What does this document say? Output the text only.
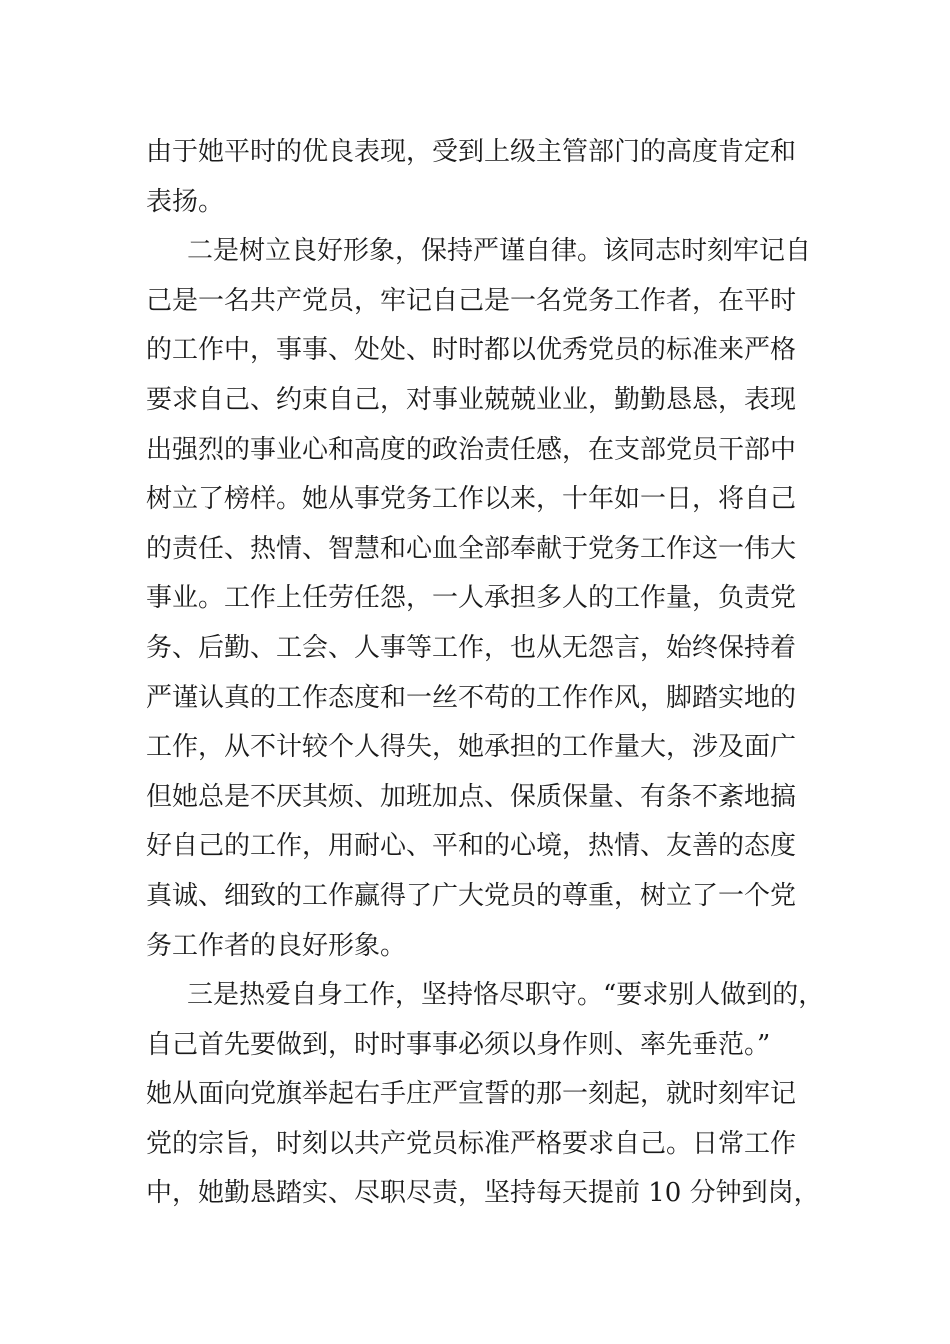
由于她平时的优良表现，受到上级主管部门的高度肯定和
表扬。
二是树立良好形象，保持严谨自律。该同志时刻牢记自
己是一名共产党员，牢记自己是一名党务工作者，在平时
的工作中，事事、处处、时时都以优秀党员的标准来严格
要求自己、约束自己，对事业兢兢业业，勤勤恳恳，表现
出强烈的事业心和高度的政治责任感，在支部党员干部中
树立了榜样。她从事党务工作以来，十年如一日，将自己
的责任、热情、智慧和心血全部奉献于党务工作这一伟大
事业。工作上任劳任怨，一人承担多人的工作量，负责党
务、后勤、工会、人事等工作，也从无怨言，始终保持着
严谨认真的工作态度和一丝不苟的工作作风，脚踏实地的
工作，从不计较个人得失，她承担的工作量大，涉及面广
但她总是不厌其烦、加班加点、保质保量、有条不紊地搞
好自己的工作，用耐心、平和的心境，热情、友善的态度
真诚、细致的工作赢得了广大党员的尊重，树立了一个党
务工作者的良好形象。
三是热爱自身工作，坚持恪尽职守。“要求别人做到的，
自己首先要做到，时时事事必须以身作则、率先垂范。”
她从面向党旗举起右手庄严宣誓的那一刻起，就时刻牢记
党的宗旨，时刻以共产党员标准严格要求自己。日常工作
中，她勤恳踏实、尽职尽责，坚持每天提前 10 分钟到岗，
